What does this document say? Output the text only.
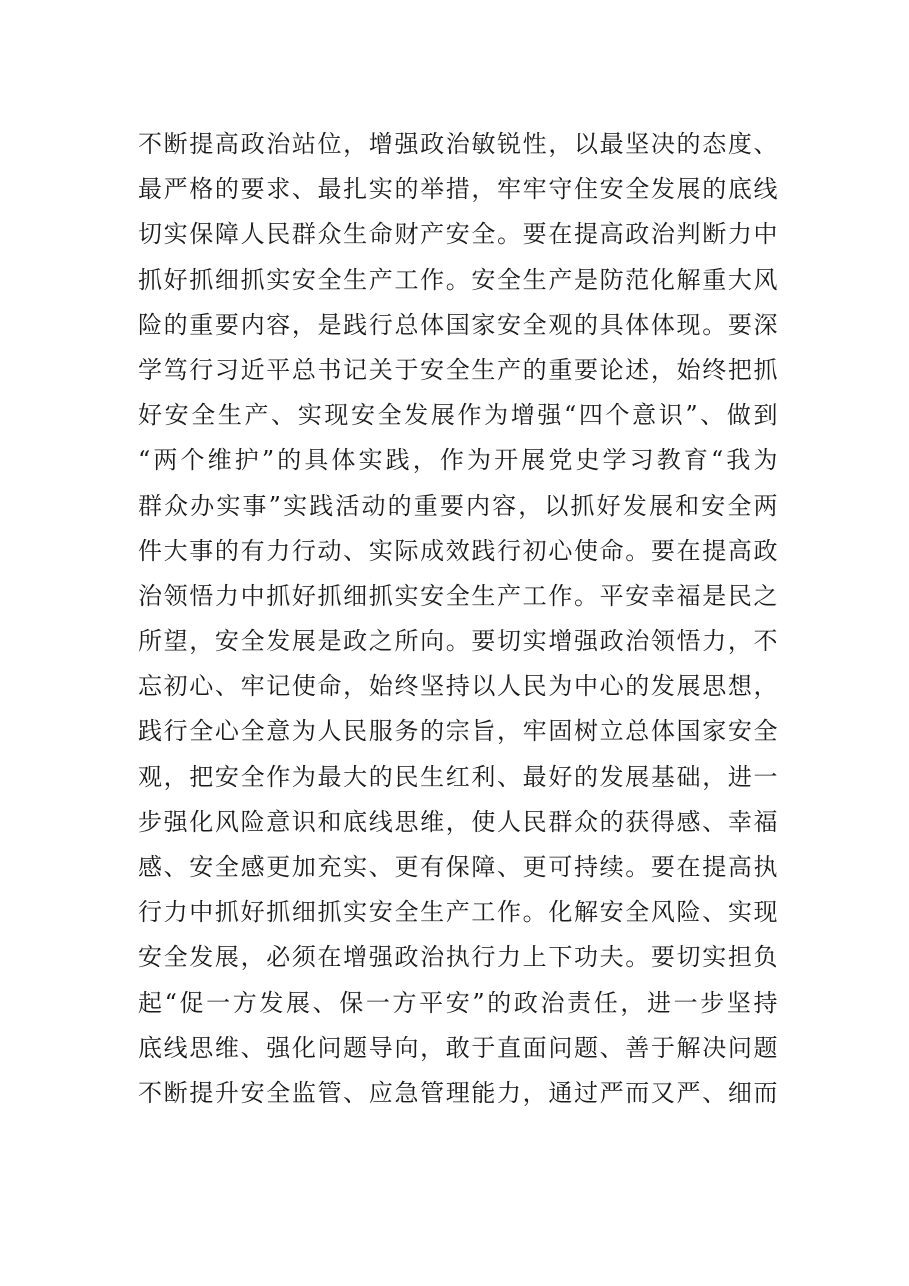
不断提高政治站位，增强政治敏锐性，以最坚决的态度、
最严格的要求、最扎实的举措，牢牢守住安全发展的底线
切实保障人民群众生命财产安全。要在提高政治判断力中
抓好抓细抓实安全生产工作。安全生产是防范化解重大风
险的重要内容，是践行总体国家安全观的具体体现。要深
学笃行习近平总书记关于安全生产的重要论述，始终把抓
好安全生产、实现安全发展作为增强“四个意识”、做到
“两个维护”的具体实践，作为开展党史学习教育“我为
群众办实事”实践活动的重要内容，以抓好发展和安全两
件大事的有力行动、实际成效践行初心使命。要在提高政
治领悟力中抓好抓细抓实安全生产工作。平安幸福是民之
所望，安全发展是政之所向。要切实增强政治领悟力，不
忘初心、牢记使命，始终坚持以人民为中心的发展思想，
践行全心全意为人民服务的宗旨，牢固树立总体国家安全
观，把安全作为最大的民生红利、最好的发展基础，进一
步强化风险意识和底线思维，使人民群众的获得感、幸福
感、安全感更加充实、更有保障、更可持续。要在提高执
行力中抓好抓细抓实安全生产工作。化解安全风险、实现
安全发展，必须在增强政治执行力上下功夫。要切实担负
起“促一方发展、保一方平安”的政治责任，进一步坚持
底线思维、强化问题导向，敢于直面问题、善于解决问题
不断提升安全监管、应急管理能力，通过严而又严、细而
